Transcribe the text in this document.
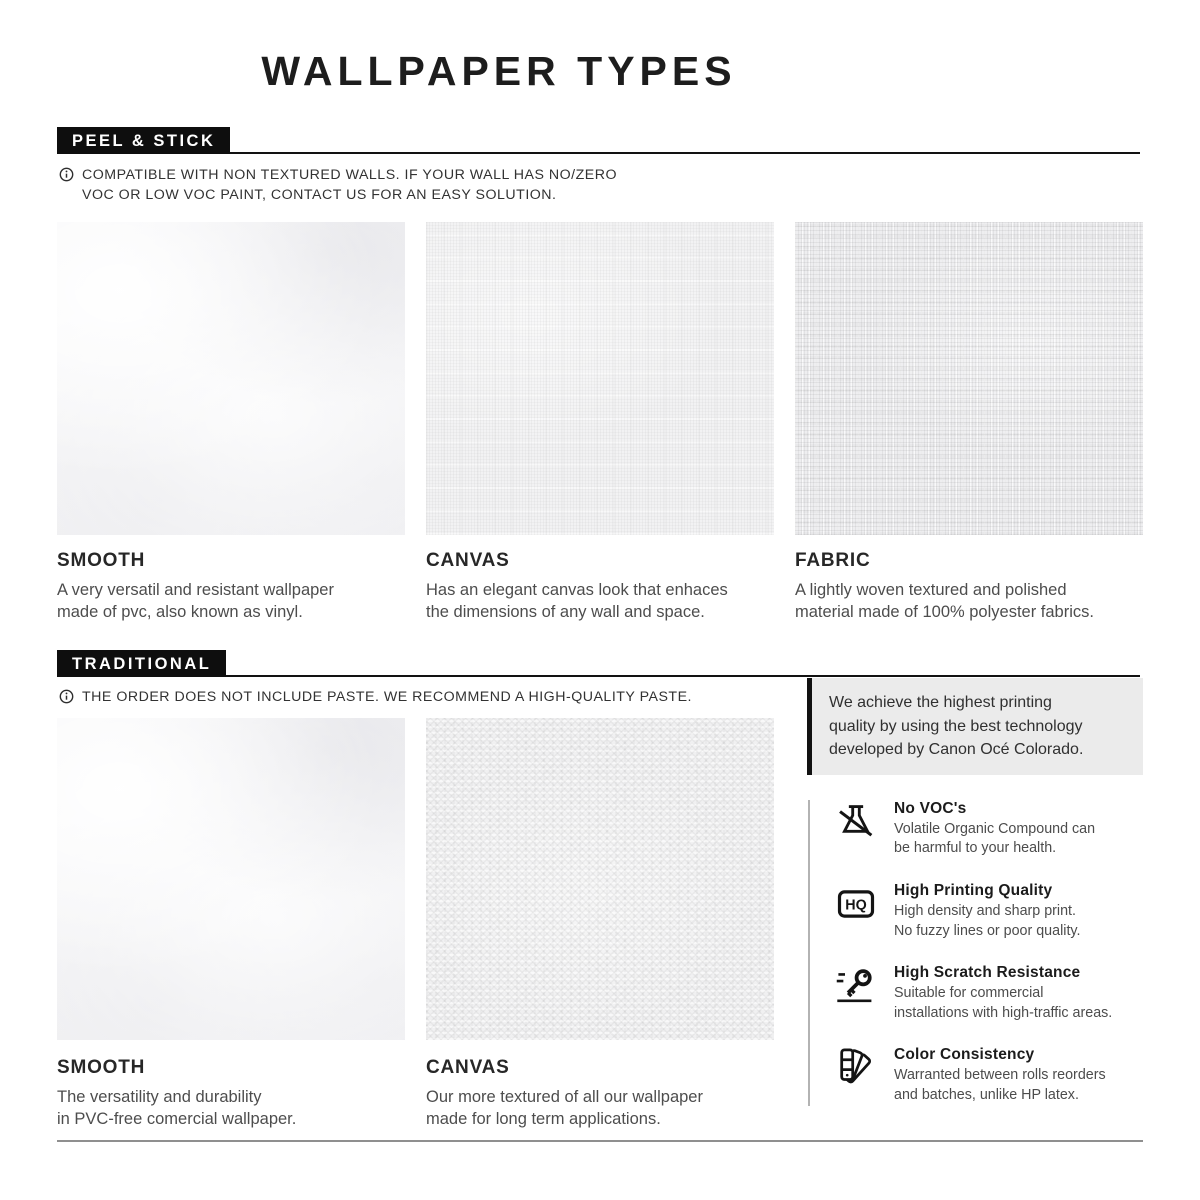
WALLPAPER TYPES
PEEL & STICK
COMPATIBLE WITH NON TEXTURED WALLS. IF YOUR WALL HAS NO/ZERO
VOC OR LOW VOC PAINT, CONTACT US FOR AN EASY SOLUTION.
SMOOTH
A very versatil and resistant wallpaper
made of pvc, also known as vinyl.
CANVAS
Has an elegant canvas look that enhaces
the dimensions of any wall and space.
FABRIC
A lightly woven textured and polished
material made of 100% polyester fabrics.
TRADITIONAL
THE ORDER DOES NOT INCLUDE PASTE. WE RECOMMEND A HIGH-QUALITY PASTE.
SMOOTH
The versatility and durability
in PVC-free comercial wallpaper.
CANVAS
Our more textured of all our wallpaper
made for long term applications.
We achieve the highest printing
quality by using the best technology
developed by Canon Océ Colorado.
No VOC's
Volatile Organic Compound can
be harmful to your health.
HQ
High Printing Quality
High density and sharp print.
No fuzzy lines or poor quality.
High Scratch Resistance
Suitable for commercial
installations with high-traffic areas.
Color Consistency
Warranted between rolls reorders
and batches, unlike HP latex.
